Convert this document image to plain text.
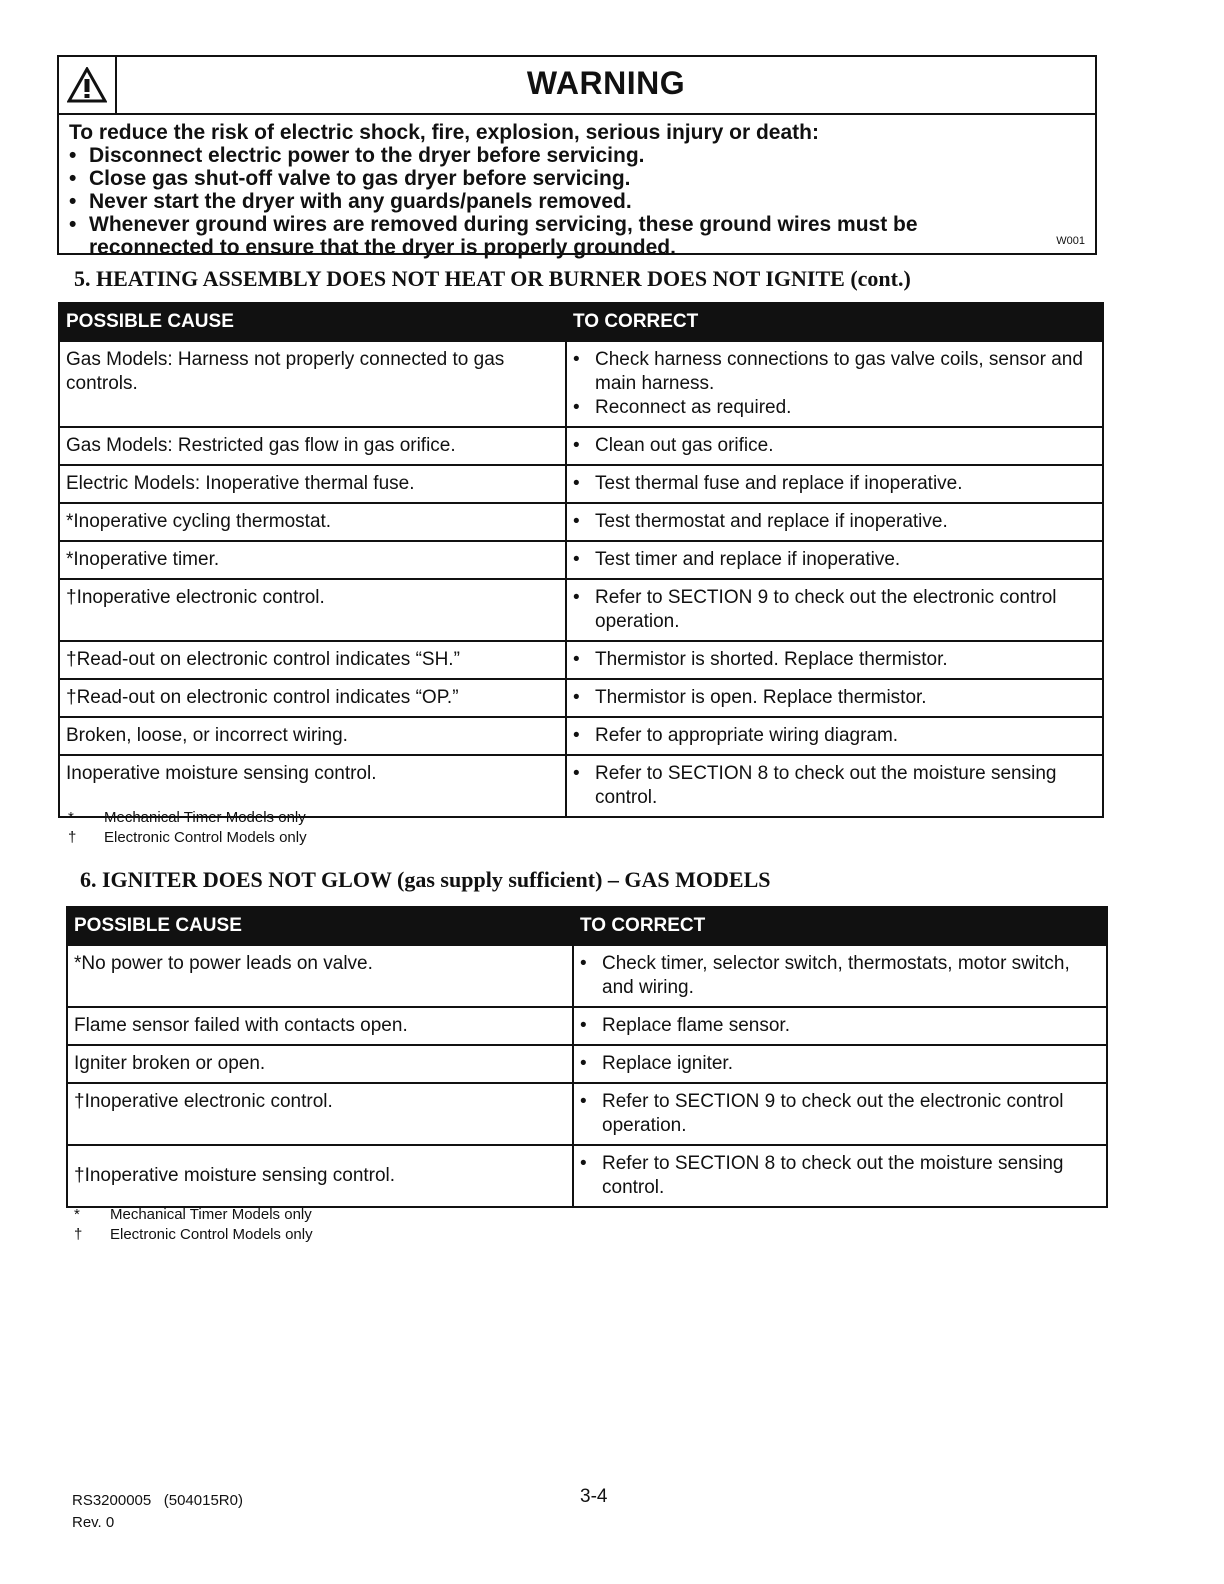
WARNING
To reduce the risk of electric shock, fire, explosion, serious injury or death:
• Disconnect electric power to the dryer before servicing.
• Close gas shut-off valve to gas dryer before servicing.
• Never start the dryer with any guards/panels removed.
• Whenever ground wires are removed during servicing, these ground wires must be reconnected to ensure that the dryer is properly grounded.	W001
5. HEATING ASSEMBLY DOES NOT HEAT OR BURNER DOES NOT IGNITE (cont.)
POSSIBLE CAUSE	TO CORRECT
Gas Models: Harness not properly connected to gas controls.	• Check harness connections to gas valve coils, sensor and main harness.
• Reconnect as required.

Gas Models: Restricted gas flow in gas orifice.	• Clean out gas orifice.

Electric Models: Inoperative thermal fuse.	• Test thermal fuse and replace if inoperative.

*Inoperative cycling thermostat.	• Test thermostat and replace if inoperative.

*Inoperative timer.	• Test timer and replace if inoperative.

†Inoperative electronic control.	• Refer to SECTION 9 to check out the electronic control operation.

†Read-out on electronic control indicates “SH.”	• Thermistor is shorted. Replace thermistor.

†Read-out on electronic control indicates “OP.”	• Thermistor is open. Replace thermistor.

Broken, loose, or incorrect wiring.	• Refer to appropriate wiring diagram.

Inoperative moisture sensing control.	• Refer to SECTION 8 to check out the moisture sensing control.
* Mechanical Timer Models only
† Electronic Control Models only
6. IGNITER DOES NOT GLOW (gas supply sufficient) – GAS MODELS
POSSIBLE CAUSE	TO CORRECT
*No power to power leads on valve.	• Check timer, selector switch, thermostats, motor switch, and wiring.

Flame sensor failed with contacts open.	• Replace flame sensor.

Igniter broken or open.	• Replace igniter.

†Inoperative electronic control.	• Refer to SECTION 9 to check out the electronic control operation.

†Inoperative moisture sensing control.	• Refer to SECTION 8 to check out the moisture sensing control.
* Mechanical Timer Models only
† Electronic Control Models only
RS3200005   (504015R0)
Rev. 0
3-4
